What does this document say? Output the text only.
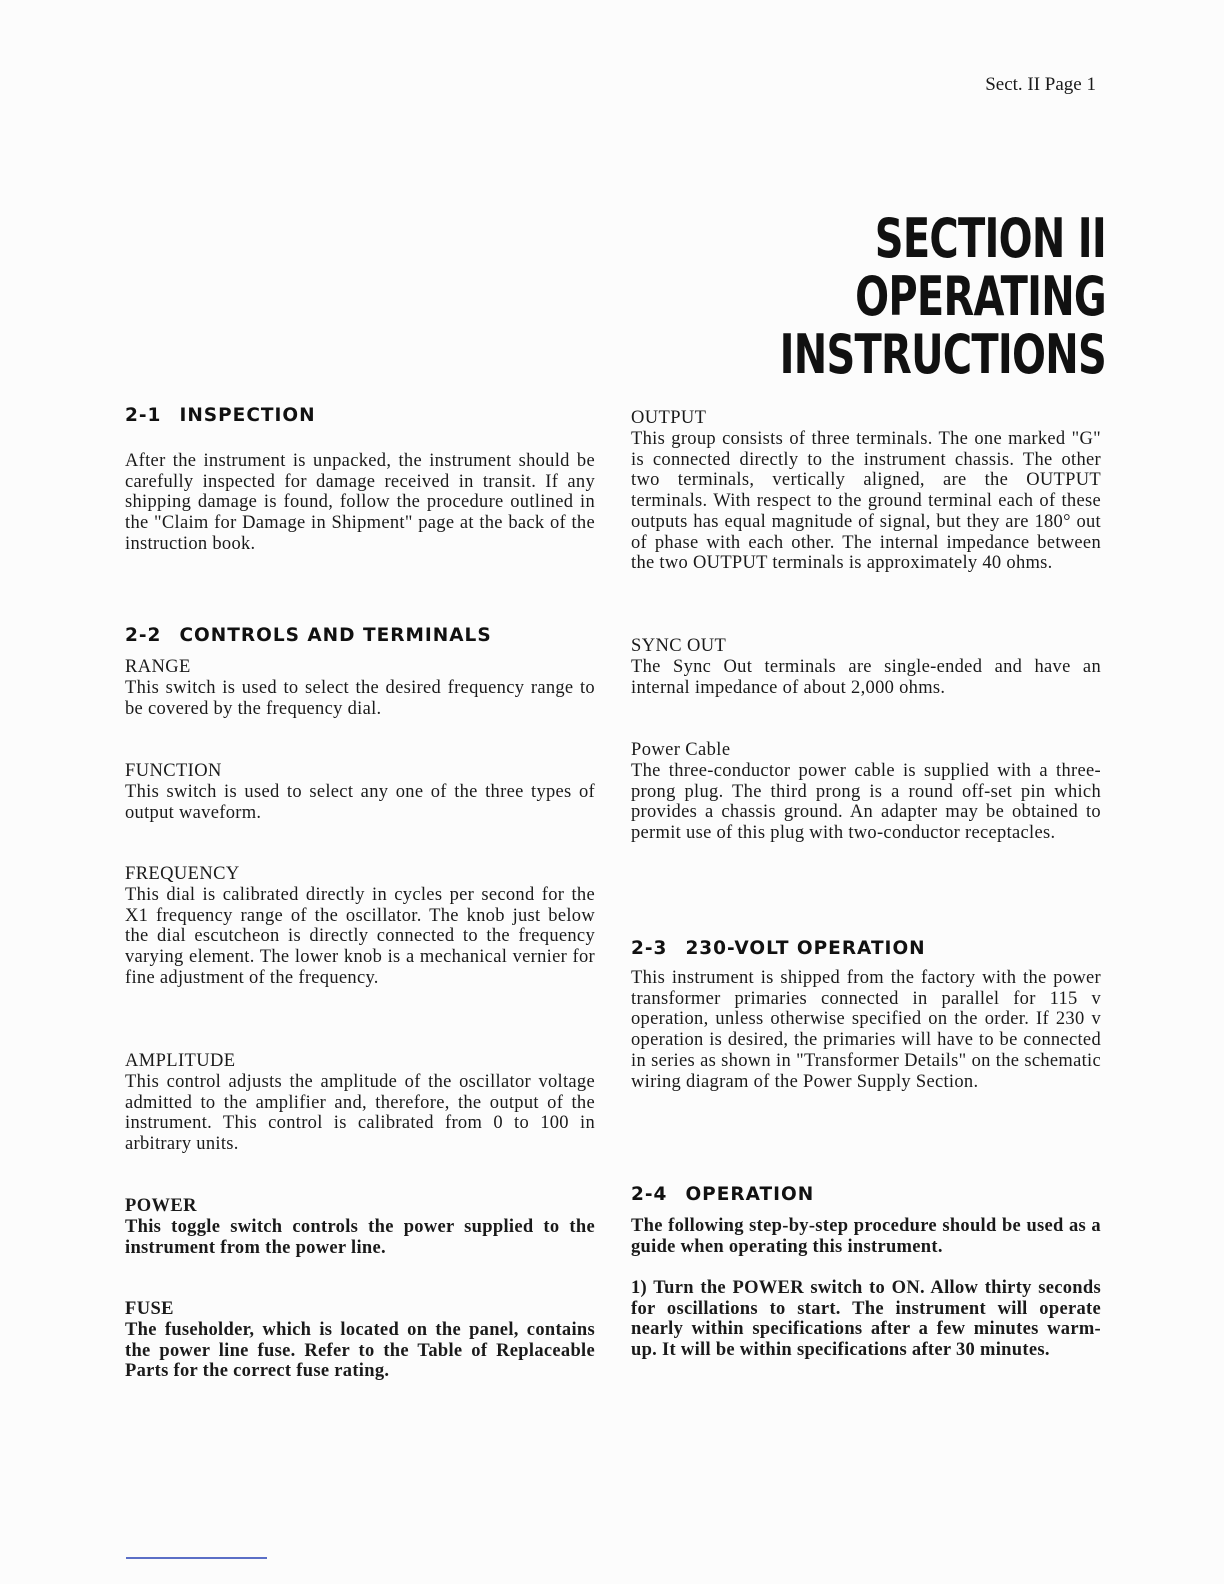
Sect. II Page 1
SECTION II
OPERATING INSTRUCTIONS
2-1 INSPECTION
After the instrument is unpacked, the instrument should be carefully inspected for damage received in transit. If any shipping damage is found, follow the procedure outlined in the "Claim for Damage in Shipment" page at the back of the instruction book.
2-2 CONTROLS AND TERMINALS
RANGE
This switch is used to select the desired frequency range to be covered by the frequency dial.
FUNCTION
This switch is used to select any one of the three types of output waveform.
FREQUENCY
This dial is calibrated directly in cycles per second for the X1 frequency range of the oscillator. The knob just below the dial escutcheon is directly connected to the frequency varying element. The lower knob is a mechanical vernier for fine adjustment of the frequency.
AMPLITUDE
This control adjusts the amplitude of the oscillator voltage admitted to the amplifier and, therefore, the output of the instrument. This control is calibrated from 0 to 100 in arbitrary units.
POWER
This toggle switch controls the power supplied to the instrument from the power line.
FUSE
The fuseholder, which is located on the panel, contains the power line fuse. Refer to the Table of Replaceable Parts for the correct fuse rating.
OUTPUT
This group consists of three terminals. The one marked "G" is connected directly to the instrument chassis. The other two terminals, vertically aligned, are the OUTPUT terminals. With respect to the ground terminal each of these outputs has equal magnitude of signal, but they are 180° out of phase with each other. The internal impedance between the two OUTPUT terminals is approximately 40 ohms.
SYNC OUT
The Sync Out terminals are single-ended and have an internal impedance of about 2,000 ohms.
Power Cable
The three-conductor power cable is supplied with a three-prong plug. The third prong is a round off-set pin which provides a chassis ground. An adapter may be obtained to permit use of this plug with two-conductor receptacles.
2-3 230-VOLT OPERATION
This instrument is shipped from the factory with the power transformer primaries connected in parallel for 115 v operation, unless otherwise specified on the order. If 230 v operation is desired, the primaries will have to be connected in series as shown in "Transformer Details" on the schematic wiring diagram of the Power Supply Section.
2-4 OPERATION
The following step-by-step procedure should be used as a guide when operating this instrument.
1) Turn the POWER switch to ON. Allow thirty seconds for oscillations to start. The instrument will operate nearly within specifications after a few minutes warm-up. It will be within specifications after 30 minutes.
